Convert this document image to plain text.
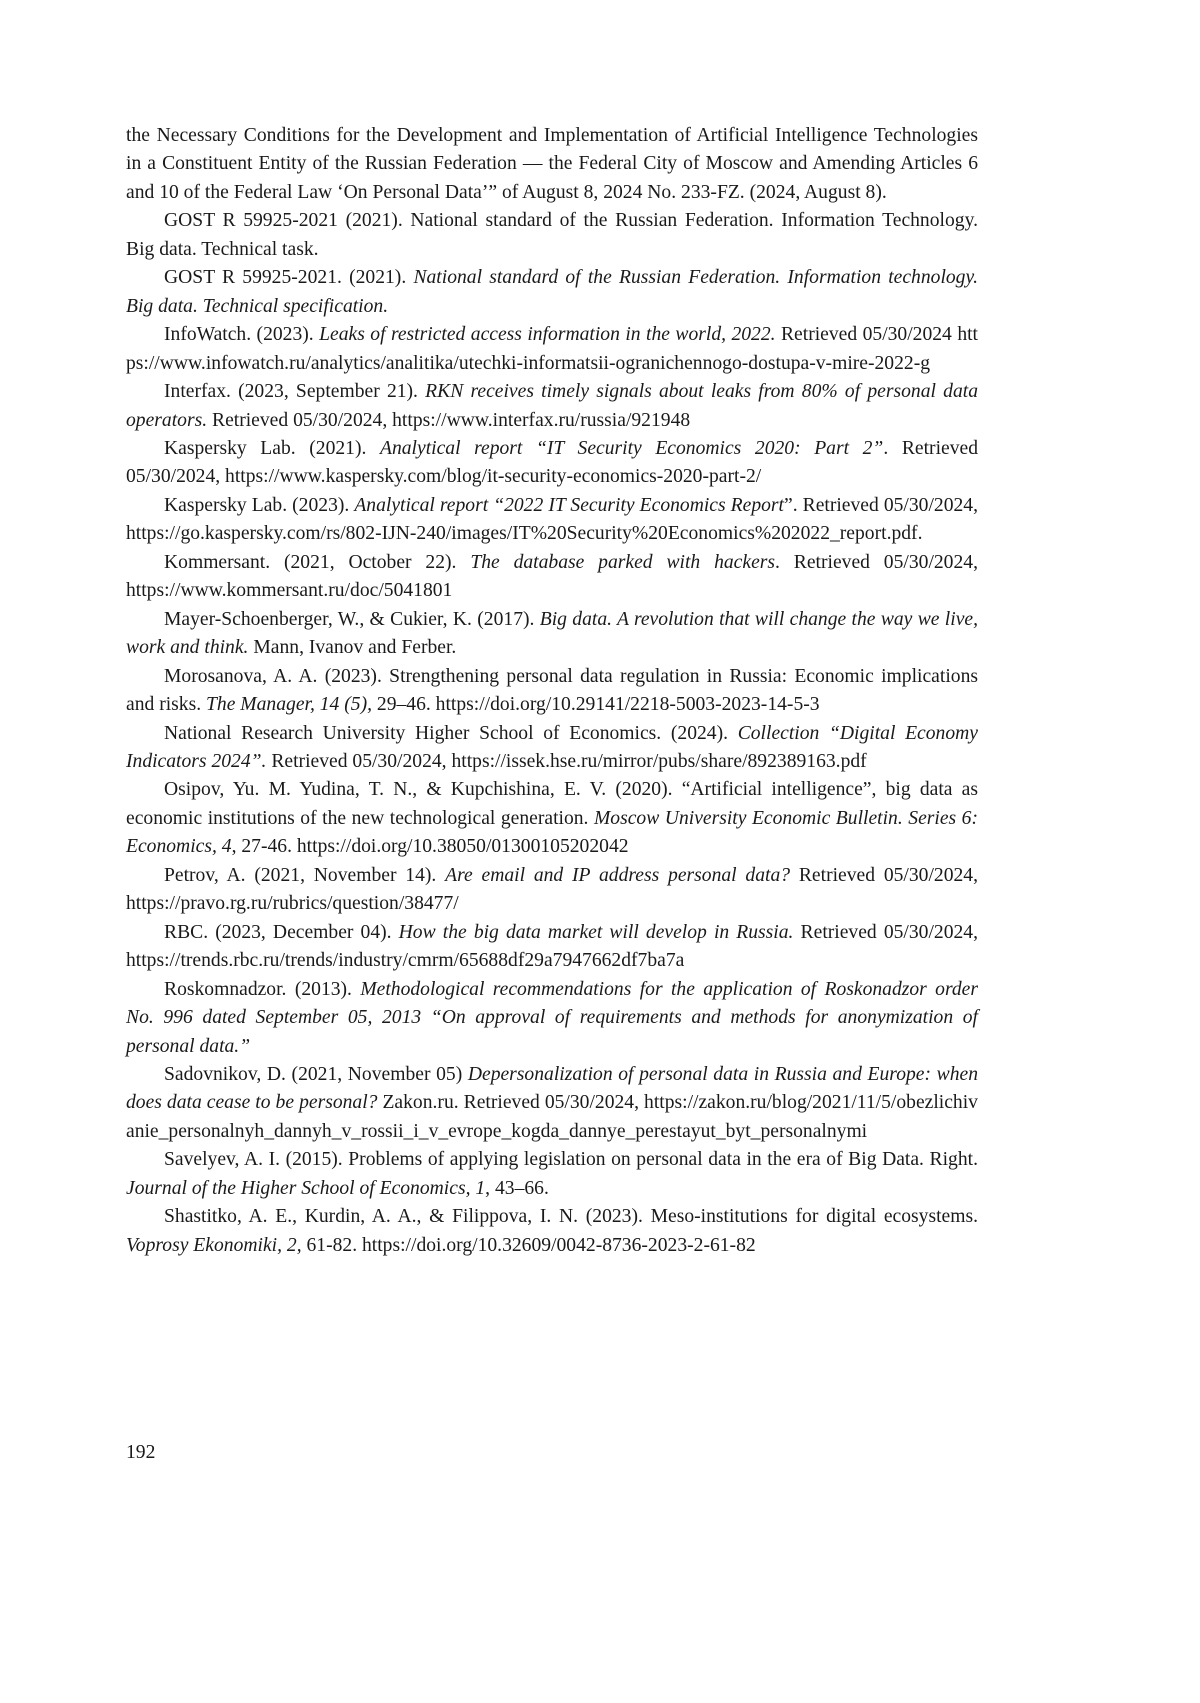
the Necessary Conditions for the Development and Implementation of Artificial Intelligence Technologies in a Constituent Entity of the Russian Federation — the Federal City of Moscow and Amending Articles 6 and 10 of the Federal Law ‘On Personal Data’” of August 8, 2024 No. 233-FZ. (2024, August 8).

GOST R 59925-2021 (2021). National standard of the Russian Federation. Information Technology. Big data. Technical task.

GOST R 59925-2021. (2021). National standard of the Russian Federation. Information technology. Big data. Technical specification.

InfoWatch. (2023). Leaks of restricted access information in the world, 2022. Retrieved 05/30/2024 https://www.infowatch.ru/analytics/analitika/utechki-informatsii-ogranichennogo-dostupa-v-mire-2022-g

Interfax. (2023, September 21). RKN receives timely signals about leaks from 80% of personal data operators. Retrieved 05/30/2024, https://www.interfax.ru/russia/921948

Kaspersky Lab. (2021). Analytical report “IT Security Economics 2020: Part 2”. Retrieved 05/30/2024, https://www.kaspersky.com/blog/it-security-economics-2020-part-2/

Kaspersky Lab. (2023). Analytical report “2022 IT Security Economics Report”. Retrieved 05/30/2024, https://go.kaspersky.com/rs/802-IJN-240/images/IT%20Security%20Economics%202022_report.pdf.

Kommersant. (2021, October 22). The database parked with hackers. Retrieved 05/30/2024, https://www.kommersant.ru/doc/5041801

Mayer-Schoenberger, W., & Cukier, K. (2017). Big data. A revolution that will change the way we live, work and think. Mann, Ivanov and Ferber.

Morosanova, A. A. (2023). Strengthening personal data regulation in Russia: Economic implications and risks. The Manager, 14 (5), 29–46. https://doi.org/10.29141/2218-5003-2023-14-5-3

National Research University Higher School of Economics. (2024). Collection “Digital Economy Indicators 2024”. Retrieved 05/30/2024, https://issek.hse.ru/mirror/pubs/share/892389163.pdf

Osipov, Yu. M. Yudina, T. N., & Kupchishina, E. V. (2020). “Artificial intelligence”, big data as economic institutions of the new technological generation. Moscow University Economic Bulletin. Series 6: Economics, 4, 27-46. https://doi.org/10.38050/01300105202042

Petrov, A. (2021, November 14). Are email and IP address personal data? Retrieved 05/30/2024, https://pravo.rg.ru/rubrics/question/38477/

RBC. (2023, December 04). How the big data market will develop in Russia. Retrieved 05/30/2024, https://trends.rbc.ru/trends/industry/cmrm/65688df29a7947662df7ba7a

Roskomnadzor. (2013). Methodological recommendations for the application of Roskonadzor order No. 996 dated September 05, 2013 “On approval of requirements and methods for anonymization of personal data.”

Sadovnikov, D. (2021, November 05) Depersonalization of personal data in Russia and Europe: when does data cease to be personal? Zakon.ru. Retrieved 05/30/2024, https://zakon.ru/blog/2021/11/5/obezlichivanie_personalnyh_dannyh_v_rossii_i_v_evrope_kogda_dannye_perestayut_byt_personalnymi

Savelyev, A. I. (2015). Problems of applying legislation on personal data in the era of Big Data. Right. Journal of the Higher School of Economics, 1, 43–66.

Shastitko, A. E., Kurdin, A. A., & Filippova, I. N. (2023). Meso-institutions for digital ecosystems. Voprosy Ekonomiki, 2, 61-82. https://doi.org/10.32609/0042-8736-2023-2-61-82

192
